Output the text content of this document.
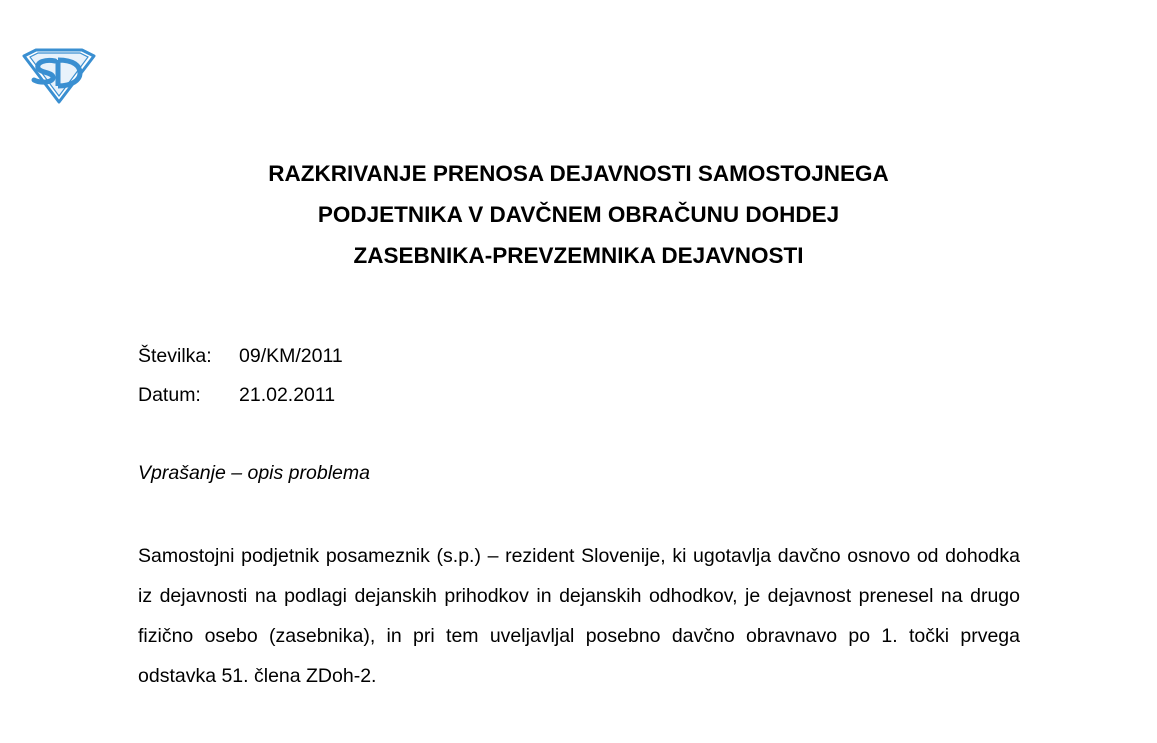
RAZKRIVANJE PRENOSA DEJAVNOSTI SAMOSTOJNEGA
PODJETNIKA V DAVČNEM OBRAČUNU DOHDEJ
ZASEBNIKA-PREVZEMNIKA DEJAVNOSTI
Številka: 09/KM/2011
Datum: 21.02.2011
Vprašanje – opis problema

Samostojni podjetnik posameznik (s.p.) – rezident Slovenije, ki ugotavlja davčno osnovo od dohodka iz dejavnosti na podlagi dejanskih prihodkov in dejanskih odhodkov, je dejavnost prenesel na drugo fizično osebo (zasebnika), in pri tem uveljavljal posebno davčno obravnavo po 1. točki prvega odstavka 51. člena ZDoh-2.
